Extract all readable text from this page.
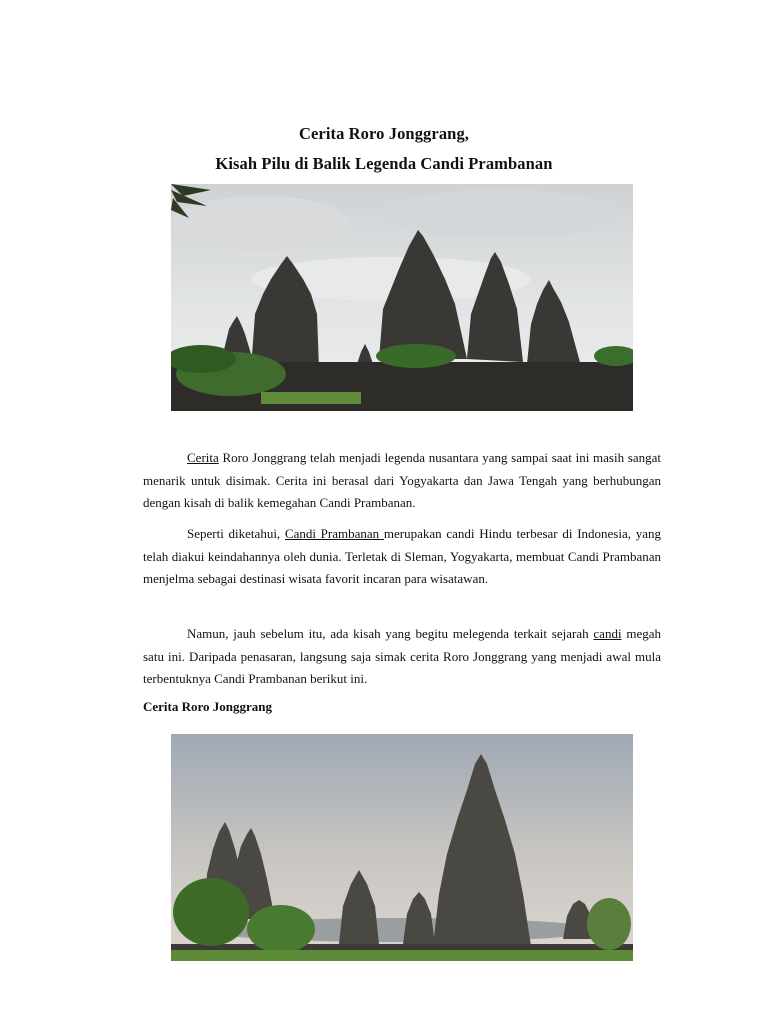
Cerita Roro Jonggrang,
Kisah Pilu di Balik Legenda Candi Prambanan

Cerita Roro Jonggrang telah menjadi legenda nusantara yang sampai saat ini masih sangat menarik untuk disimak. Cerita ini berasal dari Yogyakarta dan Jawa Tengah yang berhubungan dengan kisah di balik kemegahan Candi Prambanan.

Seperti diketahui, Candi Prambanan merupakan candi Hindu terbesar di Indonesia, yang telah diakui keindahannya oleh dunia. Terletak di Sleman, Yogyakarta, membuat Candi Prambanan menjelma sebagai destinasi wisata favorit incaran para wisatawan.

Namun, jauh sebelum itu, ada kisah yang begitu melegenda terkait sejarah candi megah satu ini. Daripada penasaran, langsung saja simak cerita Roro Jonggrang yang menjadi awal mula terbentuknya Candi Prambanan berikut ini.

Cerita Roro Jonggrang
